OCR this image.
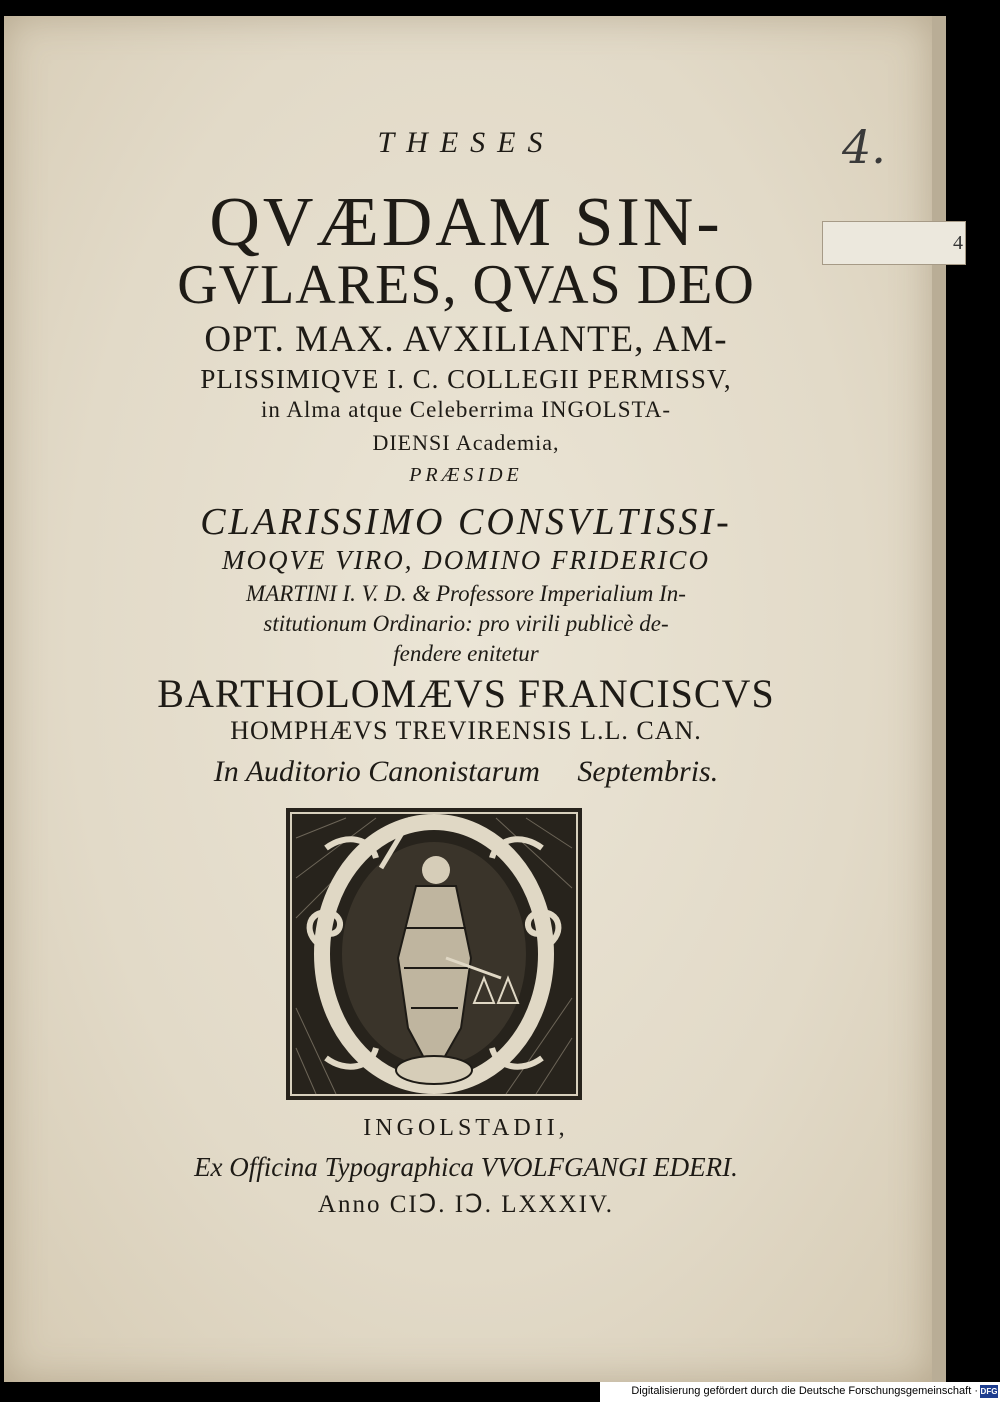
4.
4
THESES
QVÆDAM SIN-
GVLARES, QVAS DEO
OPT. MAX. AVXILIANTE, AM-
PLISSIMIQVE I. C. COLLEGII PERMISSV,
in Alma atque Celeberrima INGOLSTA-
DIENSI Academia,
PRÆSIDE
CLARISSIMO CONSVLTISSI-
MOQVE VIRO, DOMINO FRIDERICO
MARTINI I. V. D. & Professore Imperialium In-
stitutionum Ordinario: pro virili publicè de-
fendere enitetur
BARTHOLOMÆVS FRANCISCVS
HOMPHÆVS TREVIRENSIS L.L. CAN.
In Auditorio Canonistarum     Septembris.
INGOLSTADII,
Ex Officina Typographica VVOLFGANGI EDERI.
Anno CIↃ. IↃ. LXXXIV.
Digitalisierung gefördert durch die Deutsche Forschungsgemeinschaft · DFG
